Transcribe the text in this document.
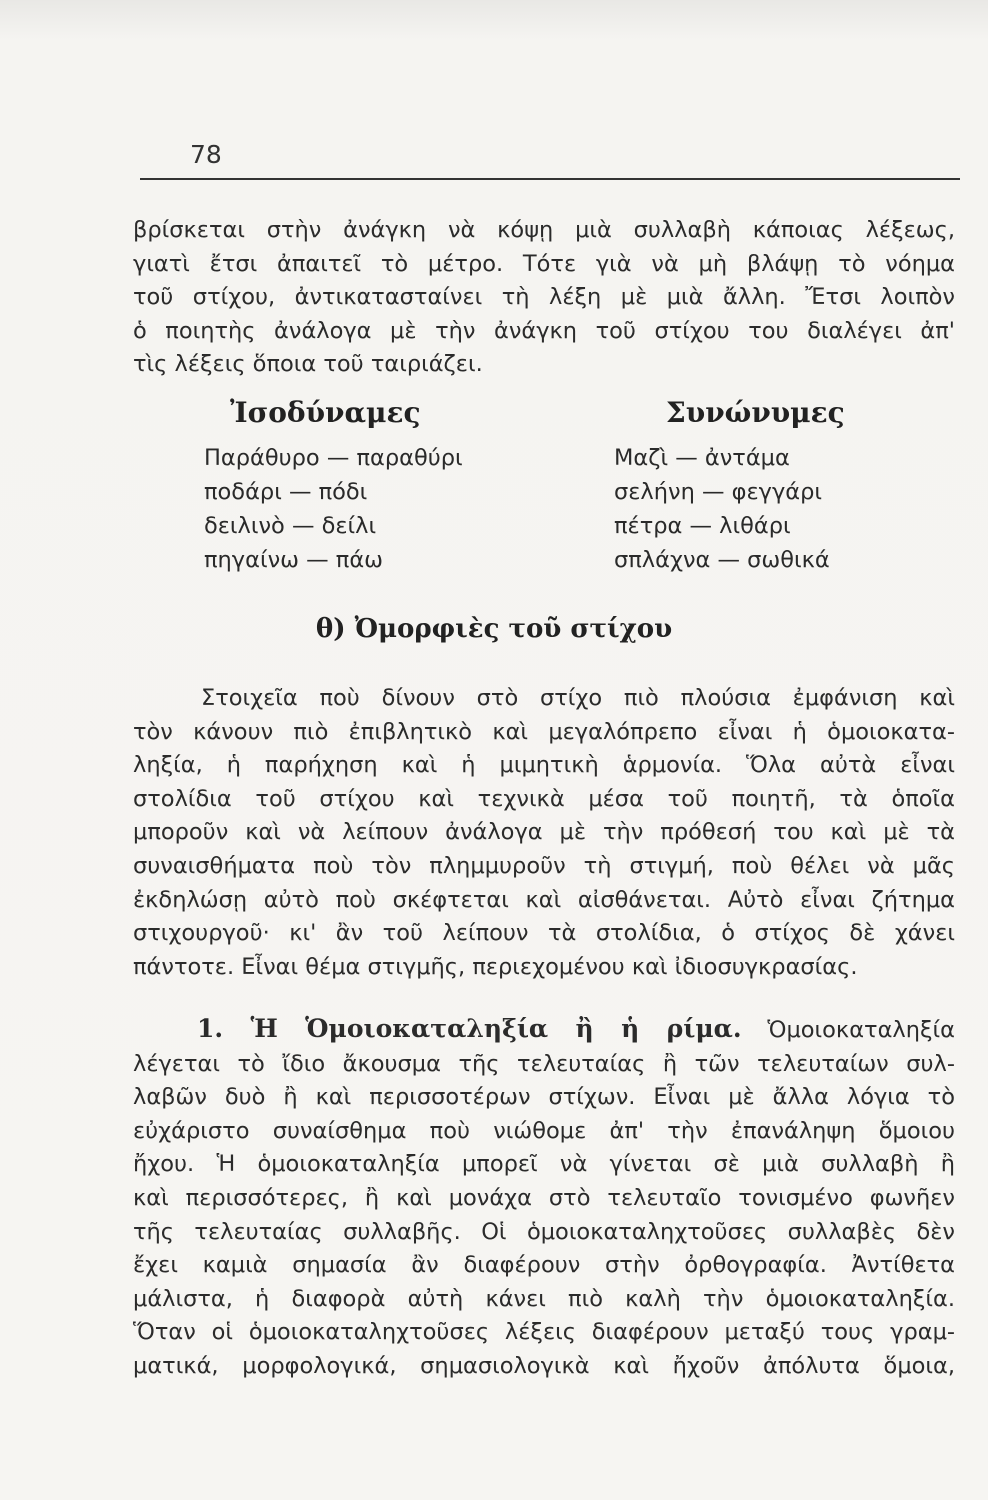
78
βρίσκεται στὴν ἀνάγκη νὰ κόψῃ μιὰ συλλαβὴ κάποιας λέξεως,
γιατὶ ἔτσι ἀπαιτεῖ τὸ μέτρο. Τότε γιὰ νὰ μὴ βλάψῃ τὸ νόημα
τοῦ στίχου, ἀντικατασταίνει τὴ λέξη μὲ μιὰ ἄλλη. Ἔτσι λοιπὸν
ὁ ποιητὴς ἀνάλογα μὲ τὴν ἀνάγκη τοῦ στίχου του διαλέγει ἀπ'
τὶς λέξεις ὅποια τοῦ ταιριάζει.
Ἰσοδύναμες	Συνώνυμες
Παράθυρο — παραθύρι
ποδάρι — πόδι
δειλινὸ — δείλι
πηγαίνω — πάω
Μαζὶ — ἀντάμα
σελήνη — φεγγάρι
πέτρα — λιθάρι
σπλάχνα — σωθικά
θ) Ὀμορφιὲς τοῦ στίχου
Στοιχεῖα ποὺ δίνουν στὸ στίχο πιὸ πλούσια ἐμφάνιση καὶ
τὸν κάνουν πιὸ ἐπιβλητικὸ καὶ μεγαλόπρεπο εἶναι ἡ ὁμοιοκατα-
ληξία, ἡ παρήχηση καὶ ἡ μιμητικὴ ἁρμονία. Ὅλα αὐτὰ εἶναι
στολίδια τοῦ στίχου καὶ τεχνικὰ μέσα τοῦ ποιητῆ, τὰ ὁποῖα
μποροῦν καὶ νὰ λείπουν ἀνάλογα μὲ τὴν πρόθεσή του καὶ μὲ τὰ
συναισθήματα ποὺ τὸν πλημμυροῦν τὴ στιγμή, ποὺ θέλει νὰ μᾶς
ἐκδηλώσῃ αὐτὸ ποὺ σκέφτεται καὶ αἰσθάνεται. Αὐτὸ εἶναι ζήτημα
στιχουργοῦ· κι' ἂν τοῦ λείπουν τὰ στολίδια, ὁ στίχος δὲ χάνει
πάντοτε. Εἶναι θέμα στιγμῆς, περιεχομένου καὶ ἰδιοσυγκρασίας.
1. Ἡ Ὁμοιοκαταληξία ἢ ἡ ρίμα. Ὁμοιοκαταληξία
λέγεται τὸ ἴδιο ἄκουσμα τῆς τελευταίας ἢ τῶν τελευταίων συλ-
λαβῶν δυὸ ἢ καὶ περισσοτέρων στίχων. Εἶναι μὲ ἄλλα λόγια τὸ
εὐχάριστο συναίσθημα ποὺ νιώθομε ἀπ' τὴν ἐπανάληψη ὅμοιου
ἤχου. Ἡ ὁμοιοκαταληξία μπορεῖ νὰ γίνεται σὲ μιὰ συλλαβὴ ἢ
καὶ περισσότερες, ἢ καὶ μονάχα στὸ τελευταῖο τονισμένο φωνῆεν
τῆς τελευταίας συλλαβῆς. Οἱ ὁμοιοκαταληχτοῦσες συλλαβὲς δὲν
ἔχει καμιὰ σημασία ἂν διαφέρουν στὴν ὀρθογραφία. Ἀντίθετα
μάλιστα, ἡ διαφορὰ αὐτὴ κάνει πιὸ καλὴ τὴν ὁμοιοκαταληξία.
Ὅταν οἱ ὁμοιοκαταληχτοῦσες λέξεις διαφέρουν μεταξύ τους γραμ-
ματικά, μορφολογικά, σημασιολογικὰ καὶ ἤχοῦν ἀπόλυτα ὅμοια,
